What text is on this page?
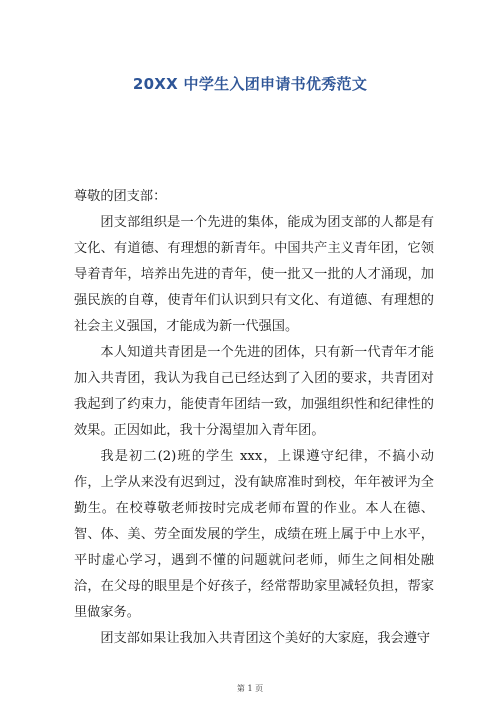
20XX 中学生入团申请书优秀范文

尊敬的团支部：

团支部组织是一个先进的集体，能成为团支部的人都是有文化、有道德、有理想的新青年。中国共产主义青年团，它领导着青年，培养出先进的青年，使一批又一批的人才涌现，加强民族的自尊，使青年们认识到只有文化、有道德、有理想的社会主义强国，才能成为新一代强国。

本人知道共青团是一个先进的团体，只有新一代青年才能加入共青团，我认为我自己已经达到了入团的要求，共青团对我起到了约束力，能使青年团结一致，加强组织性和纪律性的效果。正因如此，我十分渴望加入青年团。

我是初二(2)班的学生 xxx，上课遵守纪律，不搞小动作，上学从来没有迟到过，没有缺席准时到校，年年被评为全勤生。在校尊敬老师按时完成老师布置的作业。本人在德、智、体、美、劳全面发展的学生，成绩在班上属于中上水平，平时虚心学习，遇到不懂的问题就问老师，师生之间相处融洽，在父母的眼里是个好孩子，经常帮助家里减轻负担，帮家里做家务。

团支部如果让我加入共青团这个美好的大家庭，我会遵守

第 1 页
